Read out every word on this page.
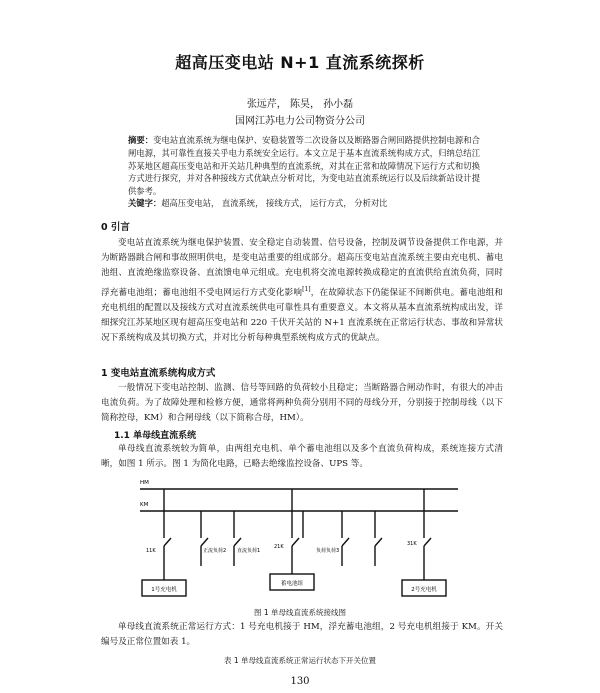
超高压变电站 N+1 直流系统探析
张远芹， 陈昊， 孙小磊
国网江苏电力公司物资分公司
摘要：变电站直流系统为继电保护、安稳装置等二次设备以及断路器合闸回路提供控制电源和合闸电源，其可靠性直接关乎电力系统安全运行。本文立足于基本直流系统构成方式，归纳总结江苏某地区超高压变电站和开关站几种典型的直流系统，对其在正常和故障情况下运行方式和切换方式进行探究，并对各种接线方式优缺点分析对比，为变电站直流系统运行以及后续新站设计提供参考。
关键字：超高压变电站， 直流系统， 接线方式， 运行方式， 分析对比
0 引言
变电站直流系统为继电保护装置、安全稳定自动装置、信号设备，控制及调节设备提供工作电源，并为断路器跳合闸和事故照明供电，是变电站重要的组成部分。超高压变电站直流系统主要由充电机、蓄电池组、直流绝缘监察设备、直流馈电单元组成。充电机将交流电源转换成稳定的直流供给直流负荷，同时浮充蓄电池组；蓄电池组不受电网运行方式变化影响[1]，在故障状态下仍能保证不间断供电。蓄电池组和充电机组的配置以及接线方式对直流系统供电可靠性具有重要意义。本文将从基本直流系统构成出发，详细探究江苏某地区现有超高压变电站和 220 千伏开关站的 N+1 直流系统在正常运行状态、事故和异常状况下系统构成及其切换方式，并对比分析每种典型系统构成方式的优缺点。
1 变电站直流系统构成方式
一般情况下变电站控制、监测、信号等回路的负荷较小且稳定；当断路器合闸动作时，有很大的冲击电流负荷。为了故障处理和检修方便，通常将两种负荷分别用不同的母线分开，分别接于控制母线（以下简称控母，KM）和合闸母线（以下简称合母，HM）。
1.1 单母线直流系统
单母线直流系统较为简单，由两组充电机、单个蓄电池组以及多个直流负荷构成，系统连接方式清晰，如图 1 所示。图 1 为简化电路，已略去绝缘监控设备、UPS 等。
HM
KM
11K	正流负荷2 直流负荷1
21K
负荷负荷3
31K
1号充电机
蓄电池组
2号充电机
图 1 单母线直流系统接线图
单母线直流系统正常运行方式：1 号充电机接于 HM，浮充蓄电池组，2 号充电机组接于 KM。开关编号及正常位置如表 1。
表 1 单母线直流系统正常运行状态下开关位置
130
